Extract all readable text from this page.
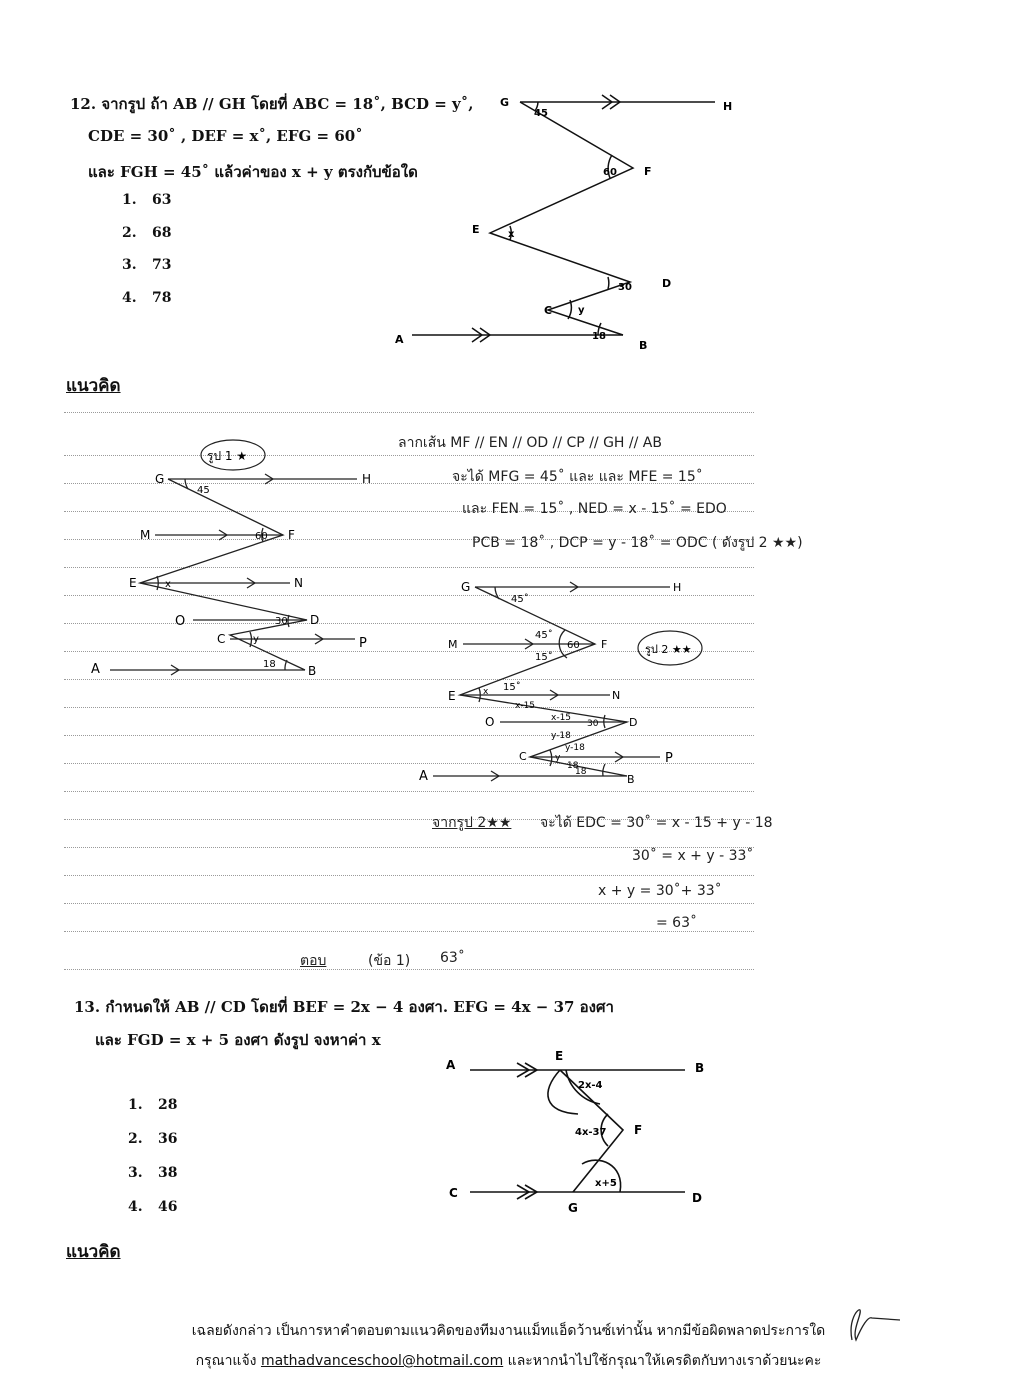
12. จากรูป ถ้า AB // GH โดยที่ ABC = 18˚, BCD = y˚,
CDE = 30˚ , DEF = x˚, EFG = 60˚
และ FGH = 45˚ แล้วค่าของ x + y ตรงกับข้อใด
1. 63
2. 68
3. 73
4. 78
G	H
F
E
D
C
A	B
45
60
x
30
y
18
แนวคิด
ลากเส้น MF // EN // OD // CP // GH // AB
จะได้ MFG = 45˚ และ และ MFE = 15˚
และ FEN = 15˚ , NED = x - 15˚ = EDO
PCB = 18˚ , DCP = y - 18˚ = ODC ( ดังรูป 2 ★★)
รูป 1 ★
G	H
M	F
E	N
O	D
C	P
A	B
45
60
x
30
y
18
รูป 2 ★★
G	H
M	F
E	N
O	D
C	P
A	B
45˚
45˚
60
15˚
15˚
x
x-15
x-15
30
y-18
y-18
y
18
18
จากรูป 2★★ จะได้ EDC = 30˚ = x - 15 + y - 18
30˚ = x + y - 33˚
x + y = 30˚+ 33˚
= 63˚
ตอบ	(ข้อ 1) 63˚
13. กำหนดให้ AB // CD โดยที่ BEF = 2x − 4 องศา. EFG = 4x − 37 องศา
และ FGD = x + 5 องศา ดังรูป จงหาค่า x
1. 28
2. 36
3. 38
4. 46
A
E
B
F
C
G
D
2x-4
4x-37
x+5
แนวคิด
เฉลยดังกล่าว เป็นการหาคำตอบตามแนวคิดของทีมงานแม็ทแอ็ดว้านซ์เท่านั้น หากมีข้อผิดพลาดประการใด
กรุณาแจ้ง mathadvanceschool@hotmail.com และหากนำไปใช้กรุณาให้เครดิตกับทางเราด้วยนะคะ
